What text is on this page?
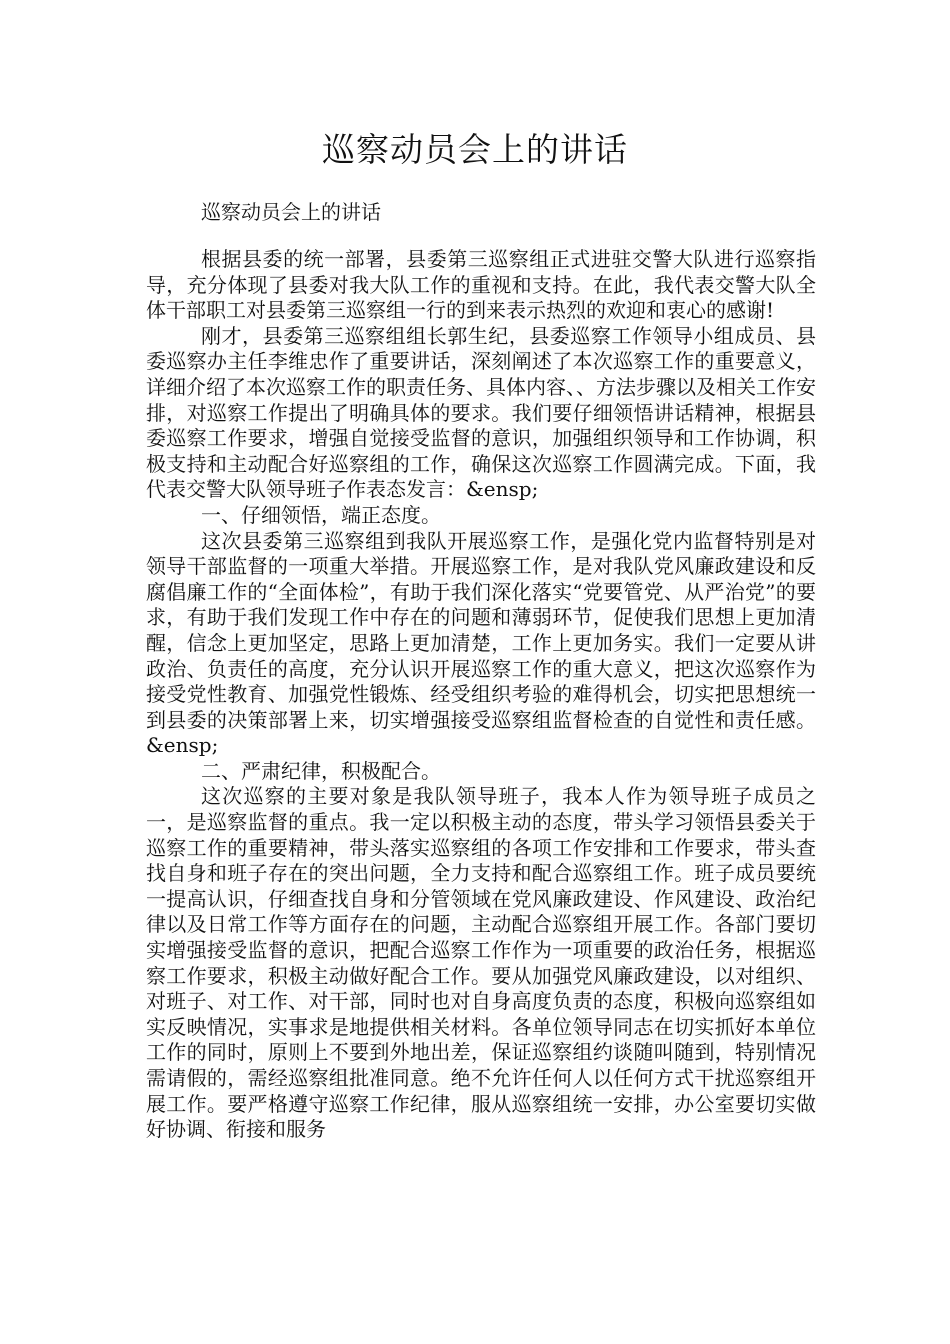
巡察动员会上的讲话

巡察动员会上的讲话

根据县委的统一部署，县委第三巡察组正式进驻交警大队进行巡察指导，充分体现了县委对我大队工作的重视和支持。在此，我代表交警大队全体干部职工对县委第三巡察组一行的到来表示热烈的欢迎和衷心的感谢!

刚才，县委第三巡察组组长郭生纪，县委巡察工作领导小组成员、县委巡察办主任李维忠作了重要讲话，深刻阐述了本次巡察工作的重要意义，详细介绍了本次巡察工作的职责任务、具体内容、、方法步骤以及相关工作安排，对巡察工作提出了明确具体的要求。我们要仔细领悟讲话精神，根据县委巡察工作要求，增强自觉接受监督的意识，加强组织领导和工作协调，积极支持和主动配合好巡察组的工作，确保这次巡察工作圆满完成。下面，我代表交警大队领导班子作表态发言：&ensp;

一、仔细领悟，端正态度。

这次县委第三巡察组到我队开展巡察工作，是强化党内监督特别是对领导干部监督的一项重大举措。开展巡察工作，是对我队党风廉政建设和反腐倡廉工作的“全面体检”，有助于我们深化落实“党要管党、从严治党”的要求，有助于我们发现工作中存在的问题和薄弱环节，促使我们思想上更加清醒，信念上更加坚定，思路上更加清楚，工作上更加务实。我们一定要从讲政治、负责任的高度，充分认识开展巡察工作的重大意义，把这次巡察作为接受党性教育、加强党性锻炼、经受组织考验的难得机会，切实把思想统一到县委的决策部署上来，切实增强接受巡察组监督检查的自觉性和责任感。&ensp;

二、严肃纪律，积极配合。

这次巡察的主要对象是我队领导班子，我本人作为领导班子成员之一，是巡察监督的重点。我一定以积极主动的态度，带头学习领悟县委关于巡察工作的重要精神，带头落实巡察组的各项工作安排和工作要求，带头查找自身和班子存在的突出问题，全力支持和配合巡察组工作。班子成员要统一提高认识，仔细查找自身和分管领域在党风廉政建设、作风建设、政治纪律以及日常工作等方面存在的问题，主动配合巡察组开展工作。各部门要切实增强接受监督的意识，把配合巡察工作作为一项重要的政治任务，根据巡察工作要求，积极主动做好配合工作。要从加强党风廉政建设，以对组织、对班子、对工作、对干部，同时也对自身高度负责的态度，积极向巡察组如实反映情况，实事求是地提供相关材料。各单位领导同志在切实抓好本单位工作的同时，原则上不要到外地出差，保证巡察组约谈随叫随到，特别情况需请假的，需经巡察组批准同意。绝不允许任何人以任何方式干扰巡察组开展工作。要严格遵守巡察工作纪律，服从巡察组统一安排，办公室要切实做好协调、衔接和服务
